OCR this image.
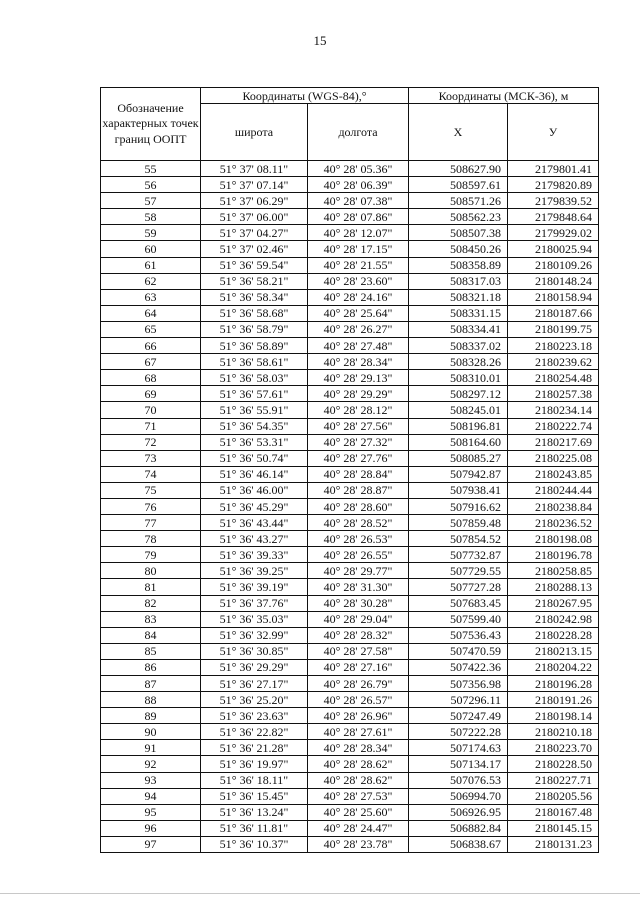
15
Обозначение характерных точек границ ООПТ	Координаты (WGS-84),°		Координаты (МСК-36), м	
	широта	долгота	X	У
55	51° 37' 08.11"	40° 28' 05.36"	508627.90	2179801.41
56	51° 37' 07.14"	40° 28' 06.39"	508597.61	2179820.89
57	51° 37' 06.29"	40° 28' 07.38"	508571.26	2179839.52
58	51° 37' 06.00"	40° 28' 07.86"	508562.23	2179848.64
59	51° 37' 04.27"	40° 28' 12.07"	508507.38	2179929.02
60	51° 37' 02.46"	40° 28' 17.15"	508450.26	2180025.94
61	51° 36' 59.54"	40° 28' 21.55"	508358.89	2180109.26
62	51° 36' 58.21"	40° 28' 23.60"	508317.03	2180148.24
63	51° 36' 58.34"	40° 28' 24.16"	508321.18	2180158.94
64	51° 36' 58.68"	40° 28' 25.64"	508331.15	2180187.66
65	51° 36' 58.79"	40° 28' 26.27"	508334.41	2180199.75
66	51° 36' 58.89"	40° 28' 27.48"	508337.02	2180223.18
67	51° 36' 58.61"	40° 28' 28.34"	508328.26	2180239.62
68	51° 36' 58.03"	40° 28' 29.13"	508310.01	2180254.48
69	51° 36' 57.61"	40° 28' 29.29"	508297.12	2180257.38
70	51° 36' 55.91"	40° 28' 28.12"	508245.01	2180234.14
71	51° 36' 54.35"	40° 28' 27.56"	508196.81	2180222.74
72	51° 36' 53.31"	40° 28' 27.32"	508164.60	2180217.69
73	51° 36' 50.74"	40° 28' 27.76"	508085.27	2180225.08
74	51° 36' 46.14"	40° 28' 28.84"	507942.87	2180243.85
75	51° 36' 46.00"	40° 28' 28.87"	507938.41	2180244.44
76	51° 36' 45.29"	40° 28' 28.60"	507916.62	2180238.84
77	51° 36' 43.44"	40° 28' 28.52"	507859.48	2180236.52
78	51° 36' 43.27"	40° 28' 26.53"	507854.52	2180198.08
79	51° 36' 39.33"	40° 28' 26.55"	507732.87	2180196.78
80	51° 36' 39.25"	40° 28' 29.77"	507729.55	2180258.85
81	51° 36' 39.19"	40° 28' 31.30"	507727.28	2180288.13
82	51° 36' 37.76"	40° 28' 30.28"	507683.45	2180267.95
83	51° 36' 35.03"	40° 28' 29.04"	507599.40	2180242.98
84	51° 36' 32.99"	40° 28' 28.32"	507536.43	2180228.28
85	51° 36' 30.85"	40° 28' 27.58"	507470.59	2180213.15
86	51° 36' 29.29"	40° 28' 27.16"	507422.36	2180204.22
87	51° 36' 27.17"	40° 28' 26.79"	507356.98	2180196.28
88	51° 36' 25.20"	40° 28' 26.57"	507296.11	2180191.26
89	51° 36' 23.63"	40° 28' 26.96"	507247.49	2180198.14
90	51° 36' 22.82"	40° 28' 27.61"	507222.28	2180210.18
91	51° 36' 21.28"	40° 28' 28.34"	507174.63	2180223.70
92	51° 36' 19.97"	40° 28' 28.62"	507134.17	2180228.50
93	51° 36' 18.11"	40° 28' 28.62"	507076.53	2180227.71
94	51° 36' 15.45"	40° 28' 27.53"	506994.70	2180205.56
95	51° 36' 13.24"	40° 28' 25.60"	506926.95	2180167.48
96	51° 36' 11.81"	40° 28' 24.47"	506882.84	2180145.15
97	51° 36' 10.37"	40° 28' 23.78"	506838.67	2180131.23
